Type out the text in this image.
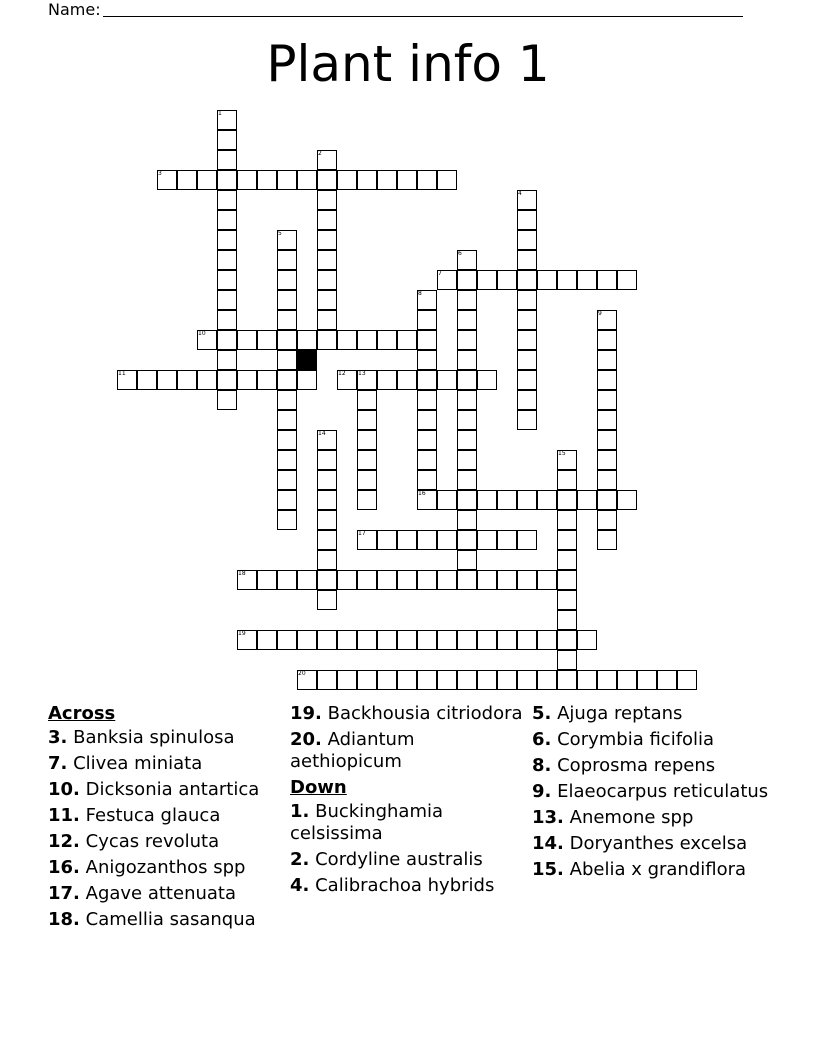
Name:
Plant info 1
1
2
3
4
5
6
7
8
9
10
11	12 13
14
15
16
17
18
19
20
Across
3. Banksia spinulosa
7. Clivea miniata
10. Dicksonia antartica
11. Festuca glauca
12. Cycas revoluta
16. Anigozanthos spp
17. Agave attenuata
18. Camellia sasanqua
19. Backhousia citriodora
20. Adiantum aethiopicum
Down
1. Buckinghamia celsissima
2. Cordyline australis
4. Calibrachoa hybrids
5. Ajuga reptans
6. Corymbia ficifolia
8. Coprosma repens
9. Elaeocarpus reticulatus
13. Anemone spp
14. Doryanthes excelsa
15. Abelia x grandiflora
